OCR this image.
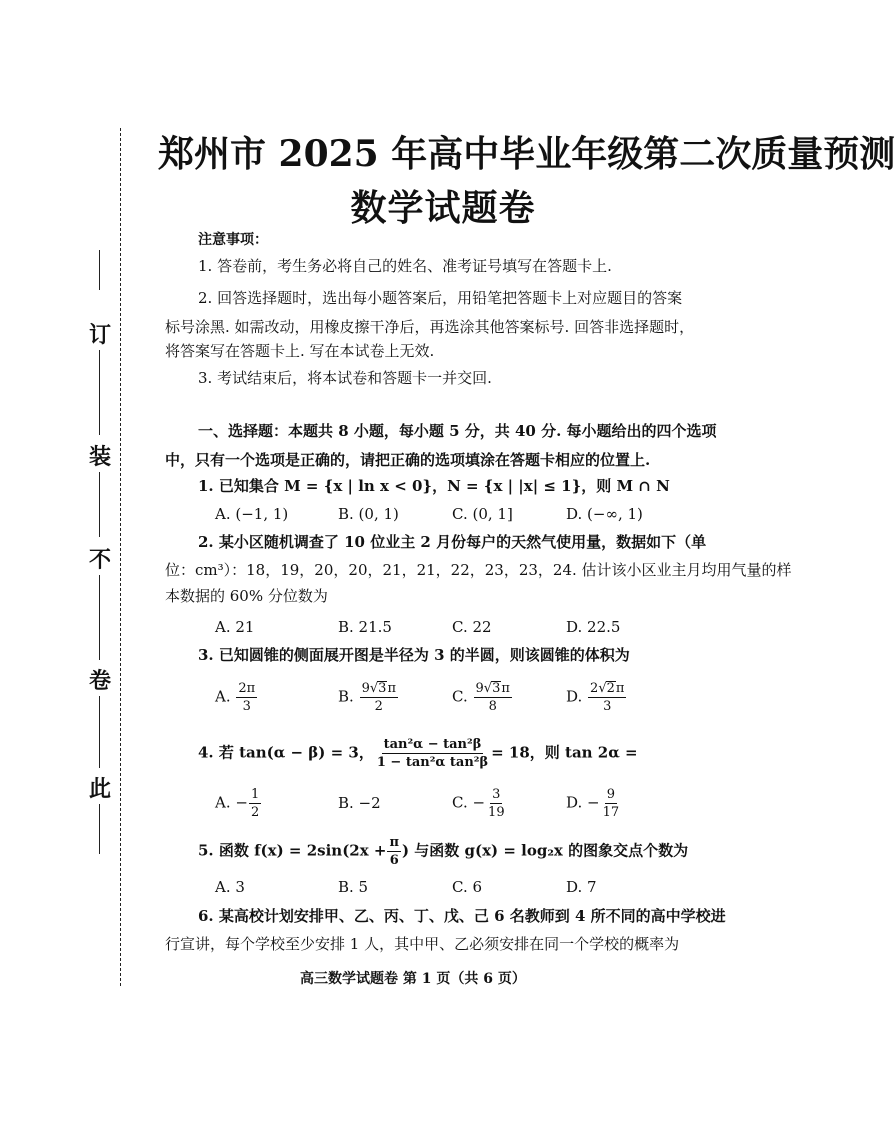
订
装
不
卷
此
郑州市 2025 年高中毕业年级第二次质量预测
数学试题卷
注意事项：
1. 答卷前，考生务必将自己的姓名、准考证号填写在答题卡上.
2. 回答选择题时，选出每小题答案后，用铅笔把答题卡上对应题目的答案
标号涂黑. 如需改动，用橡皮擦干净后，再选涂其他答案标号. 回答非选择题时，
将答案写在答题卡上. 写在本试卷上无效.
3. 考试结束后，将本试卷和答题卡一并交回.
一、选择题：本题共 8 小题，每小题 5 分，共 40 分. 每小题给出的四个选项
中，只有一个选项是正确的，请把正确的选项填涂在答题卡相应的位置上.
1. 已知集合 M = {x | ln x < 0}，N = {x | |x| ≤ 1}，则 M ∩ N
A. (−1, 1)	B. (0, 1)	C. (0, 1]	D. (−∞, 1)
2. 某小区随机调查了 10 位业主 2 月份每户的天然气使用量，数据如下（单
位：cm³）：18，19，20，20，21，21，22，23，23，24. 估计该小区业主月均用气量的样
本数据的 60% 分位数为
A. 21	B. 21.5	C. 22	D. 22.5
3. 已知圆锥的侧面展开图是半径为 3 的半圆，则该圆锥的体积为
A. $\frac{2\pi}{3}$	B. $\frac{9√3\pi}{2}$	C. $\frac{9√3\pi}{8}$	D. $\frac{2√2\pi}{3}$
4. 若 tan(α − β) = 3， $\frac{\text{tan²α − tan²β}}{\text{1 − tan²α tan²β}} = 18$，则 tan 2α =
A. − $\frac{1}{2}$	B. −2	C. − $\frac{3}{19}$	D. − $\frac{9}{17}$
5. 函数 $f(x) = 2\sin(2x + \frac{\pi}{6}$ ) 与函数 g(x) = log₂x 的图象交点个数为
A. 3	B. 5	C. 6	D. 7
6. 某高校计划安排甲、乙、丙、丁、戊、己 6 名教师到 4 所不同的高中学校进
行宣讲，每个学校至少安排 1 人，其中甲、乙必须安排在同一个学校的概率为
高三数学试题卷 第 1 页（共 6 页）
